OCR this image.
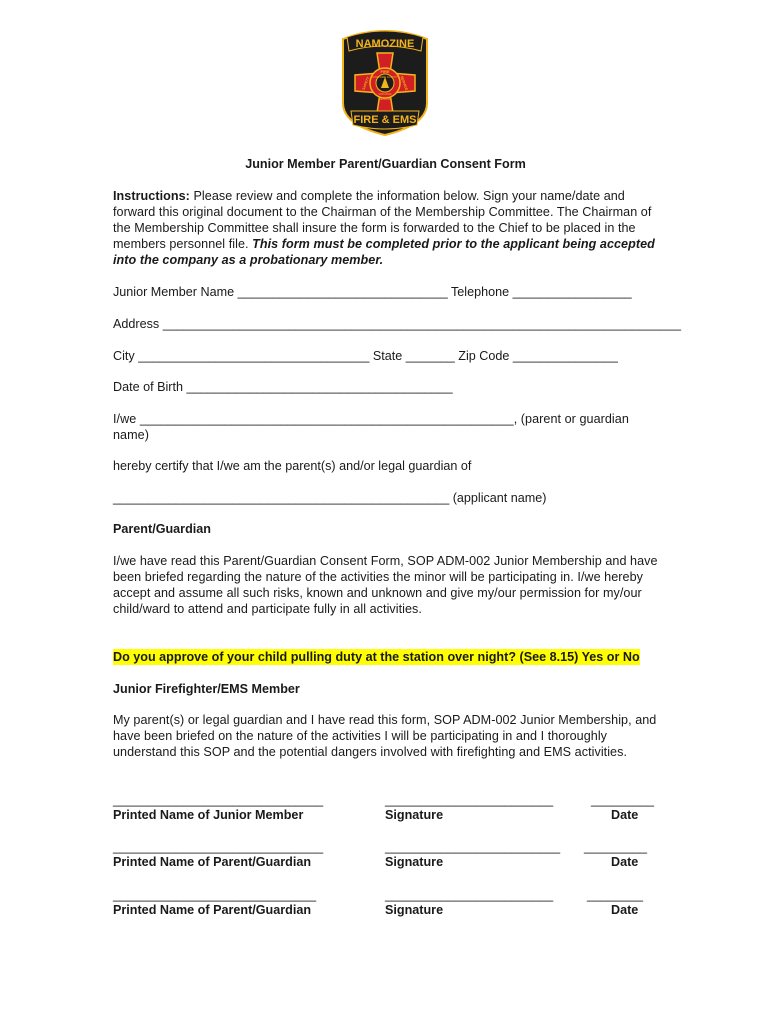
NAMOZINE
FIRE
DINWIDDIE COUNTY
VIRGINIA
RESCUE
SAFETY	SERVICE
FIRE & EMS
Junior Member Parent/Guardian Consent Form
Instructions: Please review and complete the information below. Sign your name/date and forward this original document to the Chairman of the Membership Committee. The Chairman of the Membership Committee shall insure the form is forwarded to the Chief to be placed in the members personnel file. This form must be completed prior to the applicant being accepted into the company as a probationary member.
Junior Member Name ______________________________ Telephone _________________
Address __________________________________________________________________________
City _________________________________ State _______ Zip Code _______________
Date of Birth ______________________________________
I/we _____________________________________________________, (parent or guardian name)
hereby certify that I/we am the parent(s) and/or legal guardian of
________________________________________________ (applicant name)
Parent/Guardian
I/we have read this Parent/Guardian Consent Form, SOP ADM-002 Junior Membership and have been briefed regarding the nature of the activities the minor will be participating in. I/we hereby accept and assume all such risks, known and unknown and give my/our permission for my/our child/ward to attend and participate fully in all activities.
Do you approve of your child pulling duty at the station over night? (See 8.15) Yes or No
Junior Firefighter/EMS Member
My parent(s) or legal guardian and I have read this form, SOP ADM-002 Junior Membership, and have been briefed on the nature of the activities I will be participating in and I thoroughly understand this SOP and the potential dangers involved with firefighting and EMS activities.
______________________________
Printed Name of Junior Member
________________________
Signature
_________
Date
______________________________
Printed Name of Parent/Guardian
_________________________
Signature
_________
Date
_____________________________
Printed Name of Parent/Guardian
________________________
Signature
________
Date
